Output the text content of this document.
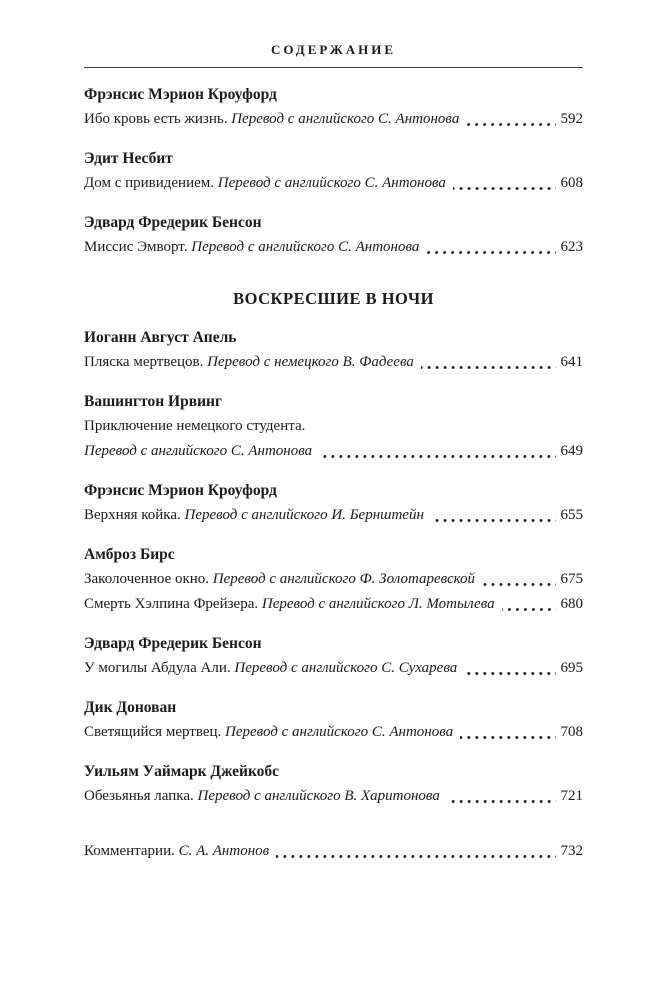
СОДЕРЖАНИЕ
Фрэнсис Мэрион Кроуфорд
Ибо кровь есть жизнь. Перевод с английского С. Антонова	592
Эдит Несбит
Дом с привидением. Перевод с английского С. Антонова	608
Эдвард Фредерик Бенсон
Миссис Эмворт. Перевод с английского С. Антонова	623
ВОСКРЕСШИЕ В НОЧИ
Иоганн Август Апель
Пляска мертвецов. Перевод с немецкого В. Фадеева	641
Вашингтон Ирвинг
Приключение немецкого студента.
Перевод с английского С. Антонова	649
Фрэнсис Мэрион Кроуфорд
Верхняя койка. Перевод с английского И. Бернштейн	655
Амброз Бирс
Заколоченное окно. Перевод с английского Ф. Золотаревской	675
Смерть Хэлпина Фрейзера. Перевод с английского Л. Мотылева	680
Эдвард Фредерик Бенсон
У могилы Абдула Али. Перевод с английского С. Сухарева	695
Дик Донован
Светящийся мертвец. Перевод с английского С. Антонова	708
Уильям Уаймарк Джейкобс
Обезьянья лапка. Перевод с английского В. Харитонова	721
Комментарии. С. А. Антонов	732
